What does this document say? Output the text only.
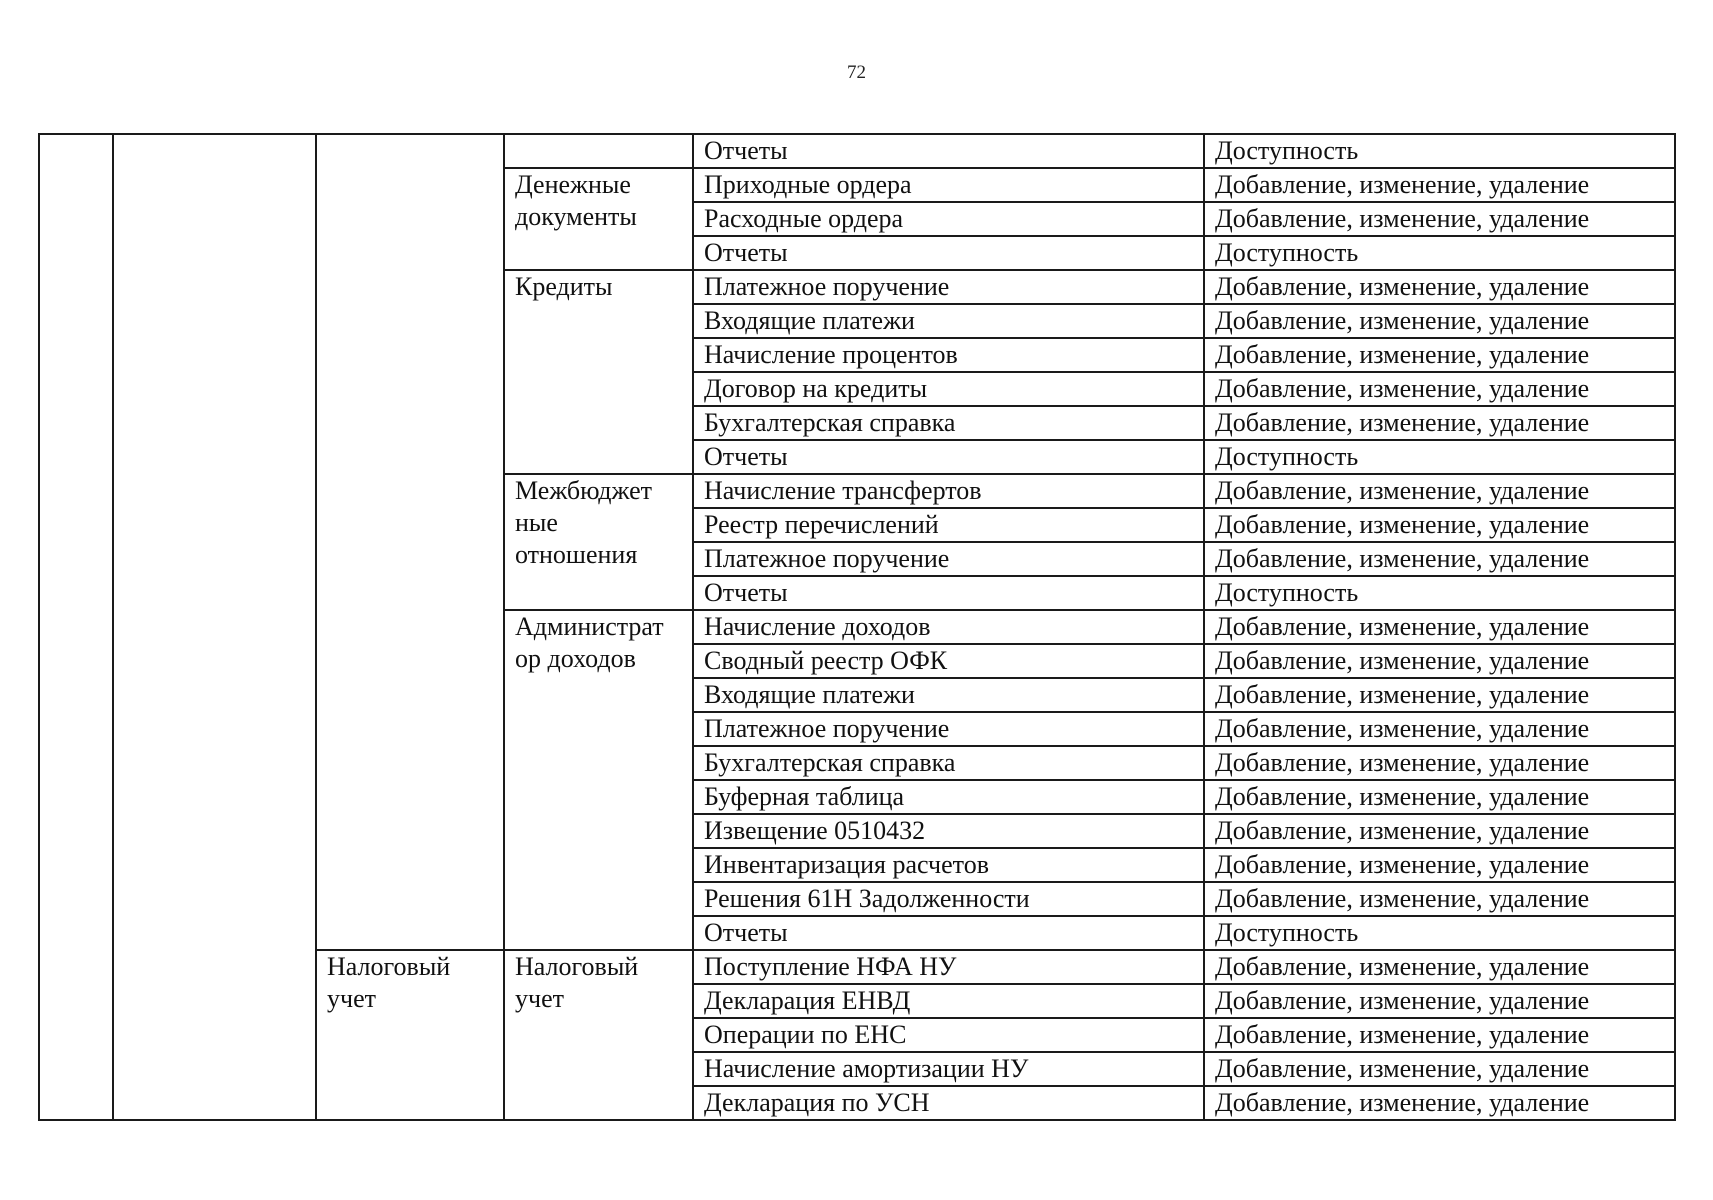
72
				Отчеты	Доступность
			Денежные документы	Приходные ордера	Добавление, изменение, удаление
				Расходные ордера	Добавление, изменение, удаление
				Отчеты	Доступность
			Кредиты	Платежное поручение	Добавление, изменение, удаление
				Входящие платежи	Добавление, изменение, удаление
				Начисление процентов	Добавление, изменение, удаление
				Договор на кредиты	Добавление, изменение, удаление
				Бухгалтерская справка	Добавление, изменение, удаление
				Отчеты	Доступность
			Межбюджет ные отношения	Начисление трансфертов	Добавление, изменение, удаление
				Реестр перечислений	Добавление, изменение, удаление
				Платежное поручение	Добавление, изменение, удаление
				Отчеты	Доступность
			Администрат ор доходов	Начисление доходов	Добавление, изменение, удаление
				Сводный реестр ОФК	Добавление, изменение, удаление
				Входящие платежи	Добавление, изменение, удаление
				Платежное поручение	Добавление, изменение, удаление
				Бухгалтерская справка	Добавление, изменение, удаление
				Буферная таблица	Добавление, изменение, удаление
				Извещение 0510432	Добавление, изменение, удаление
				Инвентаризация расчетов	Добавление, изменение, удаление
				Решения 61Н Задолженности	Добавление, изменение, удаление
				Отчеты	Доступность
		Налоговый учет	Налоговый учет	Поступление НФА НУ	Добавление, изменение, удаление
				Декларация ЕНВД	Добавление, изменение, удаление
				Операции по ЕНС	Добавление, изменение, удаление
				Начисление амортизации НУ	Добавление, изменение, удаление
				Декларация по УСН	Добавление, изменение, удаление
